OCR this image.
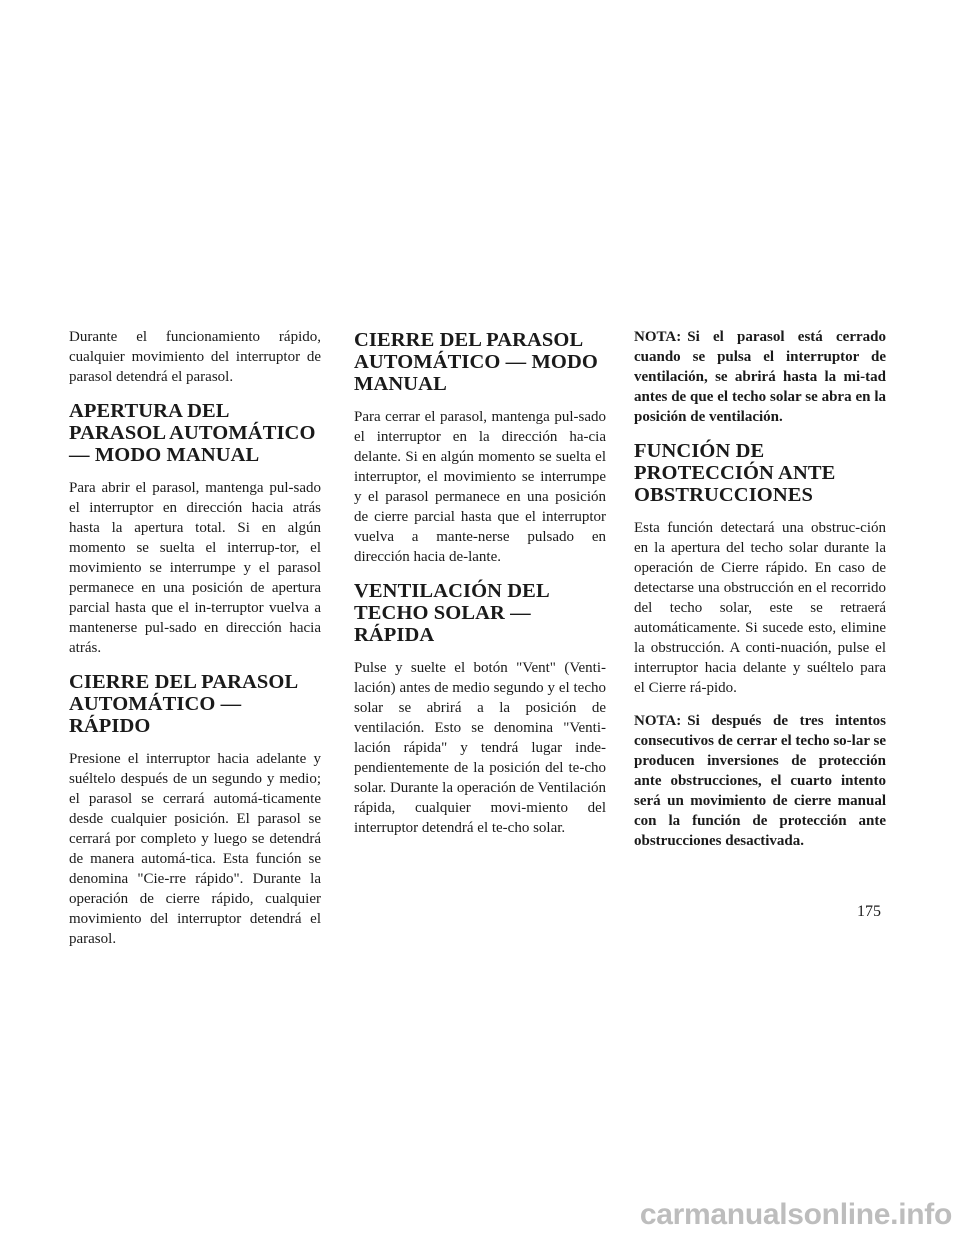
Durante el funcionamiento rápido, cualquier movimiento del interruptor de parasol detendrá el parasol.

APERTURA DEL PARASOL AUTOMÁTICO — MODO MANUAL

Para abrir el parasol, mantenga pul-sado el interruptor en dirección hacia atrás hasta la apertura total. Si en algún momento se suelta el interrup-tor, el movimiento se interrumpe y el parasol permanece en una posición de apertura parcial hasta que el in-terruptor vuelva a mantenerse pul-sado en dirección hacia atrás.

CIERRE DEL PARASOL AUTOMÁTICO — RÁPIDO

Presione el interruptor hacia adelante y suéltelo después de un segundo y medio; el parasol se cerrará automá-ticamente desde cualquier posición. El parasol se cerrará por completo y luego se detendrá de manera automá-tica. Esta función se denomina "Cie-rre rápido". Durante la operación de cierre rápido, cualquier movimiento del interruptor detendrá el parasol.

CIERRE DEL PARASOL AUTOMÁTICO — MODO MANUAL

Para cerrar el parasol, mantenga pul-sado el interruptor en la dirección ha-cia delante. Si en algún momento se suelta el interruptor, el movimiento se interrumpe y el parasol permanece en una posición de cierre parcial hasta que el interruptor vuelva a mante-nerse pulsado en dirección hacia de-lante.

VENTILACIÓN DEL TECHO SOLAR — RÁPIDA

Pulse y suelte el botón "Vent" (Venti-lación) antes de medio segundo y el techo solar se abrirá a la posición de ventilación. Esto se denomina "Venti-lación rápida" y tendrá lugar inde-pendientemente de la posición del te-cho solar. Durante la operación de Ventilación rápida, cualquier movi-miento del interruptor detendrá el te-cho solar.

NOTA: Si el parasol está cerrado cuando se pulsa el interruptor de ventilación, se abrirá hasta la mi-tad antes de que el techo solar se abra en la posición de ventilación.

FUNCIÓN DE PROTECCIÓN ANTE OBSTRUCCIONES

Esta función detectará una obstruc-ción en la apertura del techo solar durante la operación de Cierre rápido. En caso de detectarse una obstrucción en el recorrido del techo solar, este se retraerá automáticamente. Si sucede esto, elimine la obstrucción. A conti-nuación, pulse el interruptor hacia delante y suéltelo para el Cierre rá-pido.

NOTA: Si después de tres intentos consecutivos de cerrar el techo so-lar se producen inversiones de protección ante obstrucciones, el cuarto intento será un movimiento de cierre manual con la función de protección ante obstrucciones desactivada.

175
carmanualsonline.info
